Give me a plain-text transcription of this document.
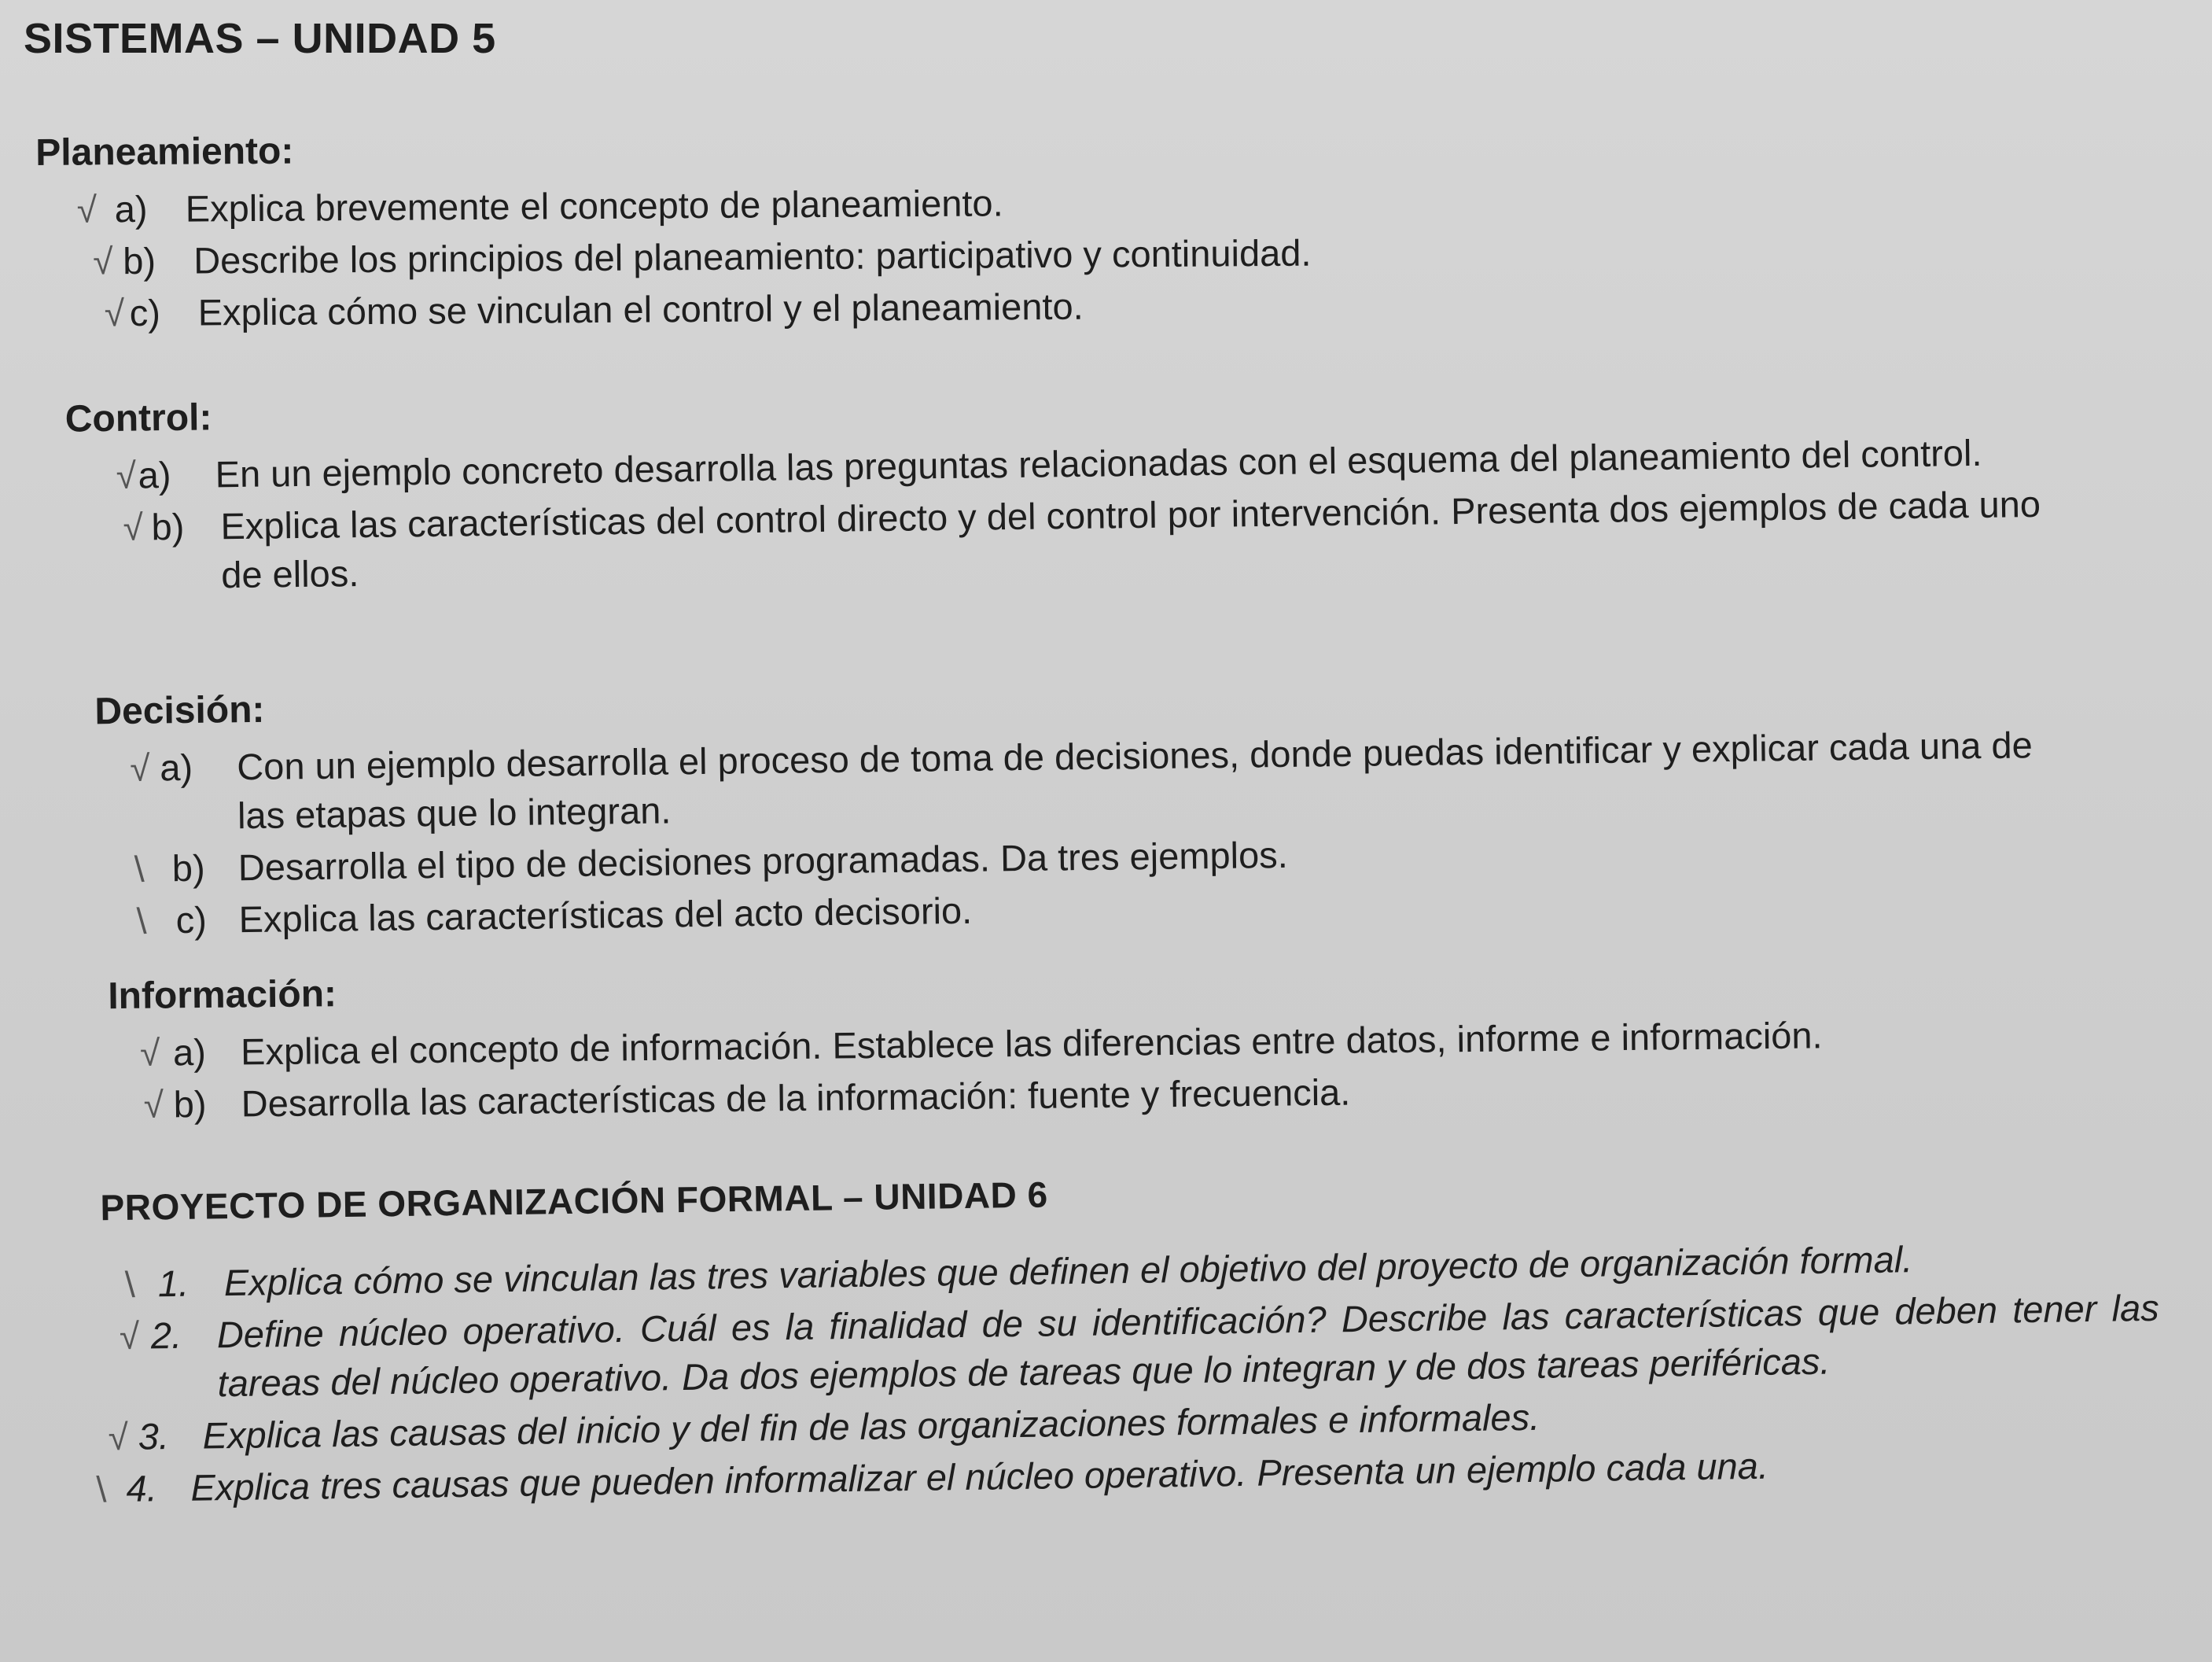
SISTEMAS – UNIDAD 5
Planeamiento:
√ a) Explica brevemente el concepto de planeamiento.
√ b) Describe los principios del planeamiento: participativo y continuidad.
√ c) Explica cómo se vinculan el control y el planeamiento.
Control:
√ a) En un ejemplo concreto desarrolla las preguntas relacionadas con el esquema del planeamiento del control.
√ b) Explica las características del control directo y del control por intervención. Presenta dos ejemplos de cada uno de ellos.
Decisión:
√ a) Con un ejemplo desarrolla el proceso de toma de decisiones, donde puedas identificar y explicar cada una de las etapas que lo integran.
\ b) Desarrolla el tipo de decisiones programadas. Da tres ejemplos.
\ c) Explica las características del acto decisorio.
Información:
√ a) Explica el concepto de información. Establece las diferencias entre datos, informe e información.
√ b) Desarrolla las características de la información: fuente y frecuencia.
PROYECTO DE ORGANIZACIÓN FORMAL – UNIDAD 6
\ 1. Explica cómo se vinculan las tres variables que definen el objetivo del proyecto de organización formal.
√ 2. Define núcleo operativo. Cuál es la finalidad de su identificación? Describe las características que deben tener las tareas del núcleo operativo. Da dos ejemplos de tareas que lo integran y de dos tareas periféricas.
√ 3. Explica las causas del inicio y del fin de las organizaciones formales e informales.
\ 4. Explica tres causas que pueden informalizar el núcleo operativo. Presenta un ejemplo cada una.
